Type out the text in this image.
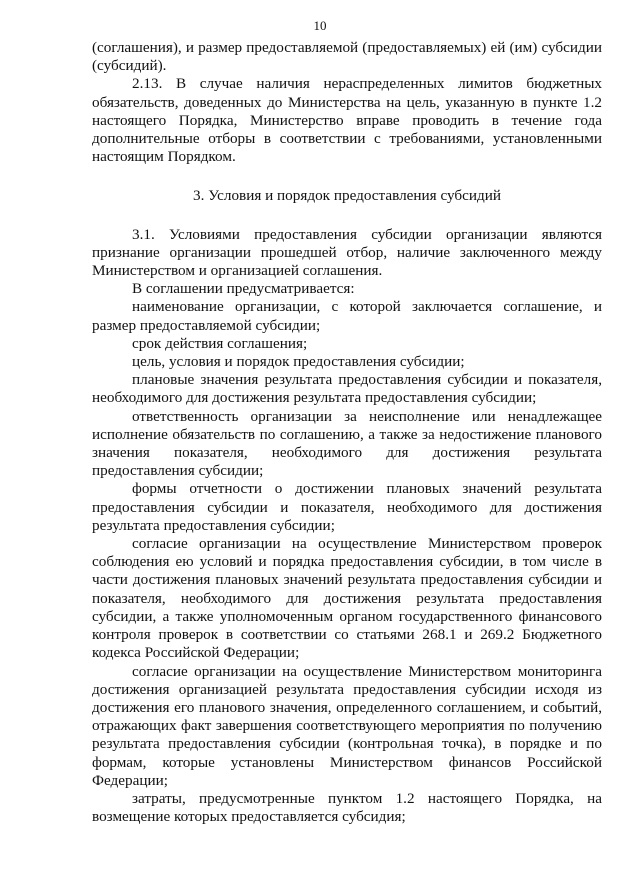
10

(соглашения), и размер предоставляемой (предоставляемых) ей (им) субсидии (субсидий).

2.13. В случае наличия нераспределенных лимитов бюджетных обязательств, доведенных до Министерства на цель, указанную в пункте 1.2 настоящего Порядка, Министерство вправе проводить в течение года дополнительные отборы в соответствии с требованиями, установленными настоящим Порядком.

3. Условия и порядок предоставления субсидий

3.1. Условиями предоставления субсидии организации являются признание организации прошедшей отбор, наличие заключенного между Министерством и организацией соглашения.

В соглашении предусматривается:

наименование организации, с которой заключается соглашение, и размер предоставляемой субсидии;

срок действия соглашения;

цель, условия и порядок предоставления субсидии;

плановые значения результата предоставления субсидии и показателя, необходимого для достижения результата предоставления субсидии;

ответственность организации за неисполнение или ненадлежащее исполнение обязательств по соглашению, а также за недостижение планового значения показателя, необходимого для достижения результата предоставления субсидии;

формы отчетности о достижении плановых значений результата предоставления субсидии и показателя, необходимого для достижения результата предоставления субсидии;

согласие организации на осуществление Министерством проверок соблюдения ею условий и порядка предоставления субсидии, в том числе в части достижения плановых значений результата предоставления субсидии и показателя, необходимого для достижения результата предоставления субсидии, а также уполномоченным органом государственного финансового контроля проверок в соответствии со статьями 268.1 и 269.2 Бюджетного кодекса Российской Федерации;

согласие организации на осуществление Министерством мониторинга достижения организацией результата предоставления субсидии исходя из достижения его планового значения, определенного соглашением, и событий, отражающих факт завершения соответствующего мероприятия по получению результата предоставления субсидии (контрольная точка), в порядке и по формам, которые установлены Министерством финансов Российской Федерации;

затраты, предусмотренные пунктом 1.2 настоящего Порядка, на возмещение которых предоставляется субсидия;
